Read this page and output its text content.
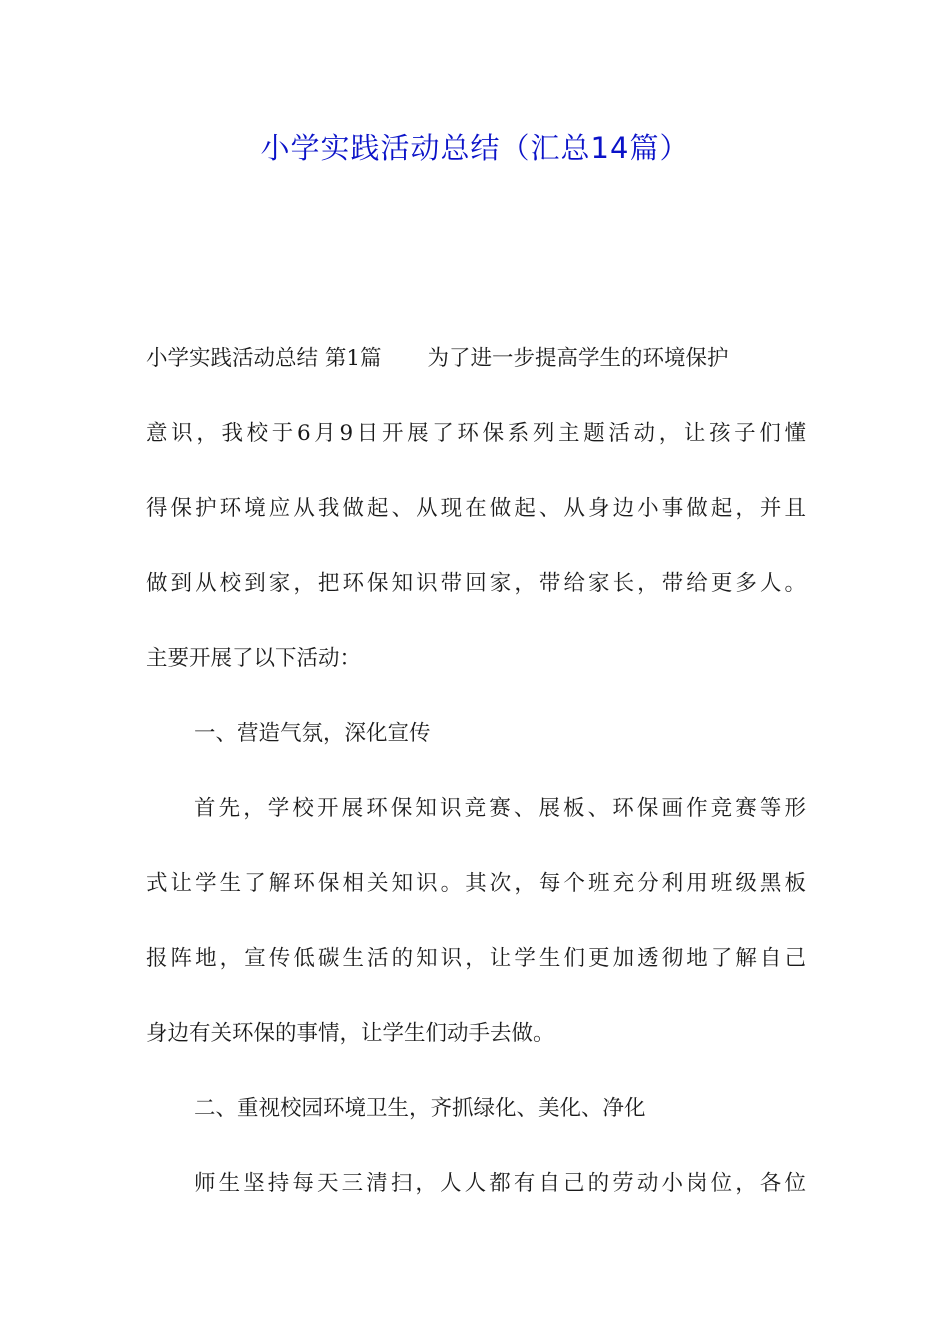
小学实践活动总结（汇总14篇）
小学实践活动总结 第1篇 为了进一步提高学生的环境保护
意识，我校于6月9日开展了环保系列主题活动，让孩子们懂
得保护环境应从我做起、从现在做起、从身边小事做起，并且
做到从校到家，把环保知识带回家，带给家长，带给更多人。
主要开展了以下活动：
一、营造气氛，深化宣传
首先，学校开展环保知识竞赛、展板、环保画作竞赛等形
式让学生了解环保相关知识。其次，每个班充分利用班级黑板
报阵地，宣传低碳生活的知识，让学生们更加透彻地了解自己
身边有关环保的事情，让学生们动手去做。
二、重视校园环境卫生，齐抓绿化、美化、净化
师生坚持每天三清扫，人人都有自己的劳动小岗位，各位
